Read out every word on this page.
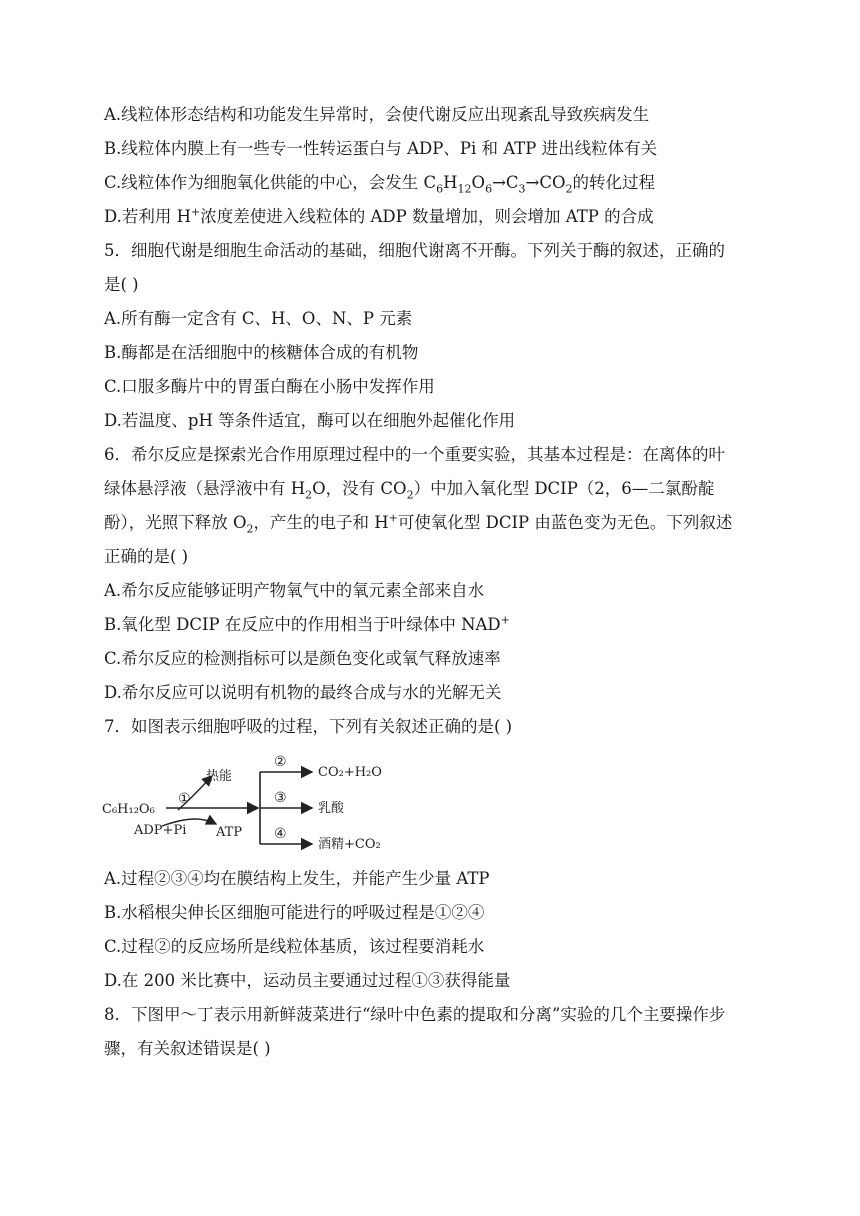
A.线粒体形态结构和功能发生异常时，会使代谢反应出现紊乱导致疾病发生
B.线粒体内膜上有一些专一性转运蛋白与 ADP、Pi 和 ATP 进出线粒体有关
C.线粒体作为细胞氧化供能的中心，会发生 $C_6H_{12}O_6\to C_3\to CO_2$的转化过程
D.若利用 H+浓度差使进入线粒体的 ADP 数量增加，则会增加 ATP 的合成
5．细胞代谢是细胞生命活动的基础，细胞代谢离不开酶。下列关于酶的叙述，正确的
是( )
A.所有酶一定含有 C、H、O、N、P 元素
B.酶都是在活细胞中的核糖体合成的有机物
C.口服多酶片中的胃蛋白酶在小肠中发挥作用
D.若温度、pH 等条件适宜，酶可以在细胞外起催化作用
6．希尔反应是探索光合作用原理过程中的一个重要实验，其基本过程是：在离体的叶
绿体悬浮液（悬浮液中有 $H_2O$，没有 $CO_2$）中加入氧化型 DCIP（2，6—二氯酚靛
酚），光照下释放 $O_2$，产生的电子和 H+可使氧化型 DCIP 由蓝色变为无色。下列叙述
正确的是( )
A.希尔反应能够证明产物氧气中的氧元素全部来自水
B.氧化型 DCIP 在反应中的作用相当于叶绿体中 NAD+
C.希尔反应的检测指标可以是颜色变化或氧气释放速率
D.希尔反应可以说明有机物的最终合成与水的光解无关
7．如图表示细胞呼吸的过程，下列有关叙述正确的是( )
C₆H₁₂O₆
ADP+Pi ATP
热能
①
②
③
④
CO₂+H₂O
乳酸
酒精+CO₂
A.过程②③④均在膜结构上发生，并能产生少量 ATP
B.水稻根尖伸长区细胞可能进行的呼吸过程是①②④
C.过程②的反应场所是线粒体基质，该过程要消耗水
D.在 200 米比赛中，运动员主要通过过程①③获得能量
8．下图甲～丁表示用新鲜菠菜进行“绿叶中色素的提取和分离”实验的几个主要操作步
骤，有关叙述错误是( )
